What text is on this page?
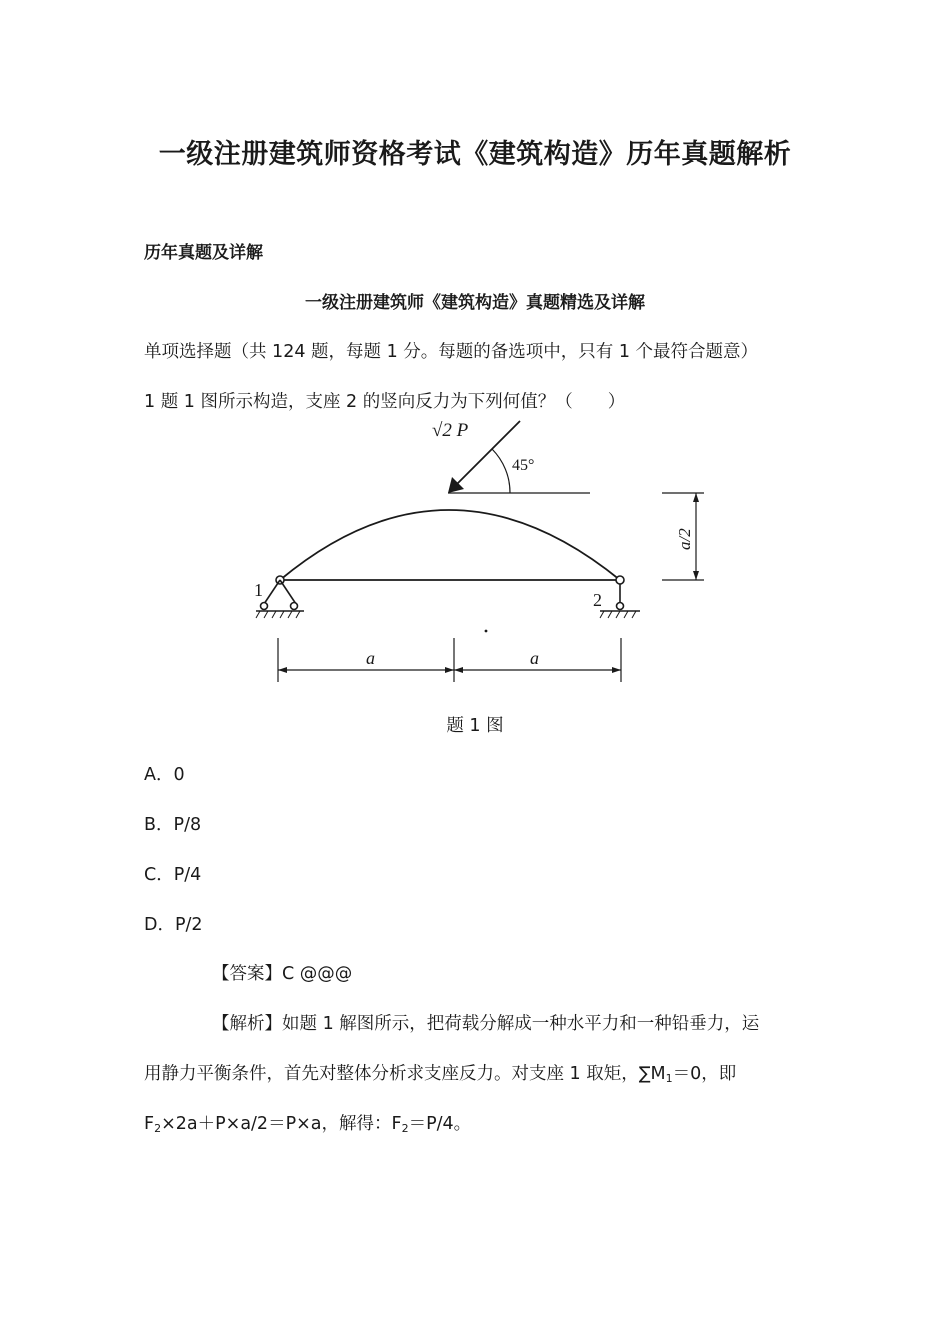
一级注册建筑师资格考试《建筑构造》历年真题解析
历年真题及详解
一级注册建筑师《建筑构造》真题精选及详解
单项选择题（共 124 题，每题 1 分。每题的备选项中，只有 1 个最符合题意）
1 题 1 图所示构造，支座 2 的竖向反力为下列何值？（　　）
√2 P
45°
a/2
1	2
a	a
题 1 图
A．0
B．P/8
C．P/4
D．P/2
【答案】C @@@
【解析】如题 1 解图所示，把荷载分解成一种水平力和一种铅垂力，运
用静力平衡条件，首先对整体分析求支座反力。对支座 1 取矩，$\sum M_1=0$，即
$F_2\times 2a+P\times a/2=P\times a$，解得：$F_2=P/4$。
